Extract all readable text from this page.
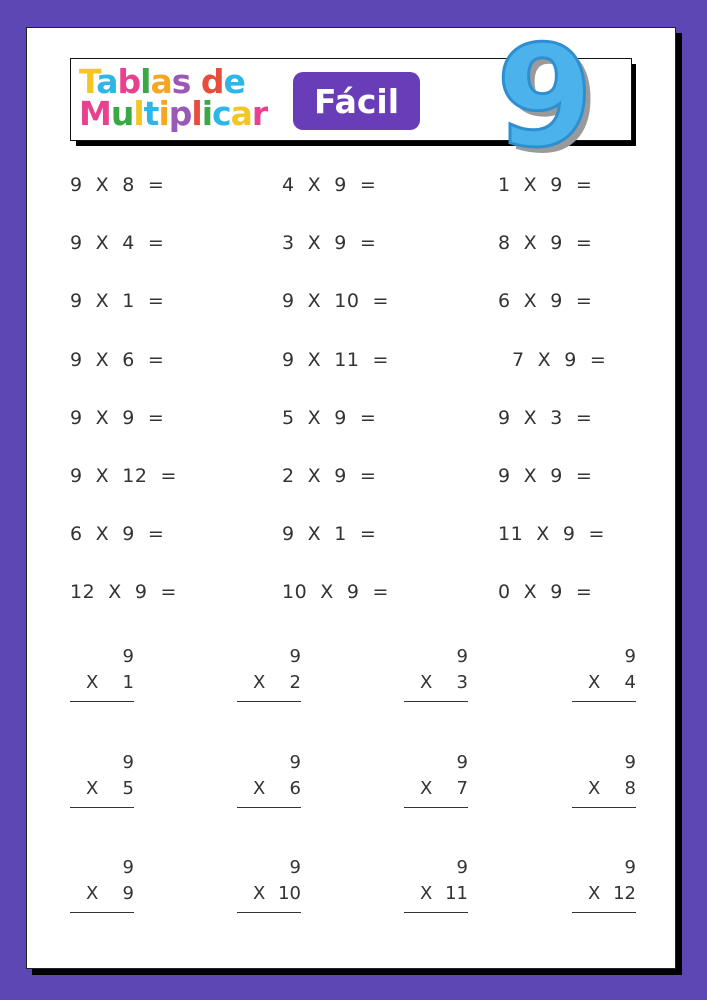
Tablas de
Multiplicar	Fácil 9
9  X  8  =	4  X  9  =	1  X  9  =
9  X  4  =	3  X  9  =	8  X  9  =
9  X  1  =	9  X  10  =	6  X  9  =
9  X  6  =	9  X  11  =	7  X  9  =
9  X  9  =	5  X  9  =	9  X  3  =
9  X  12  =	2  X  9  =	9  X  9  =
6  X  9  =	9  X  1  =	11  X  9  =
12  X  9  =	10  X  9  =	0  X  9  =
9
X	1
9
X	2
9
X	3
9
X	4
9
X	5
9
X	6
9
X	7
9
X	8
9
X	9
9
X 10
9
X 11
9
X 12
